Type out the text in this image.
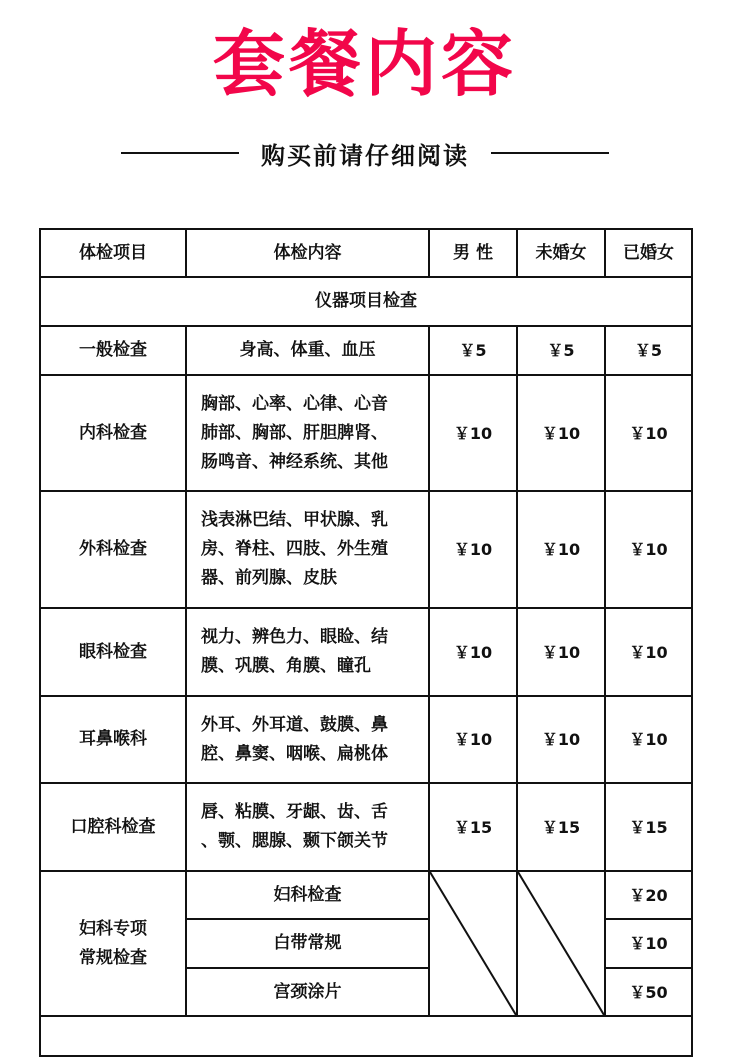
套餐内容
购买前请仔细阅读
体检项目	体检内容	男 性	未婚女	已婚女
仪器项目检查				
一般检查	身高、体重、血压	￥5	￥5	￥5
内科检查	胸部、心率、心律、心音
肺部、胸部、肝胆脾肾、
肠鸣音、神经系统、其他	￥10	￥10	￥10
外科检查	浅表淋巴结、甲状腺、乳
房、脊柱、四肢、外生殖
器、前列腺、皮肤	￥10	￥10	￥10
眼科检查	视力、辨色力、眼睑、结
膜、巩膜、角膜、瞳孔	￥10	￥10	￥10
耳鼻喉科	外耳、外耳道、鼓膜、鼻
腔、鼻窦、咽喉、扁桃体	￥10	￥10	￥10
口腔科检查	唇、粘膜、牙龈、齿、舌
、颚、腮腺、颞下颌关节	￥15	￥15	￥15

妇科专项
常规检查	妇科检查			￥20
	白带常规			￥10
	宫颈涂片			￥50
